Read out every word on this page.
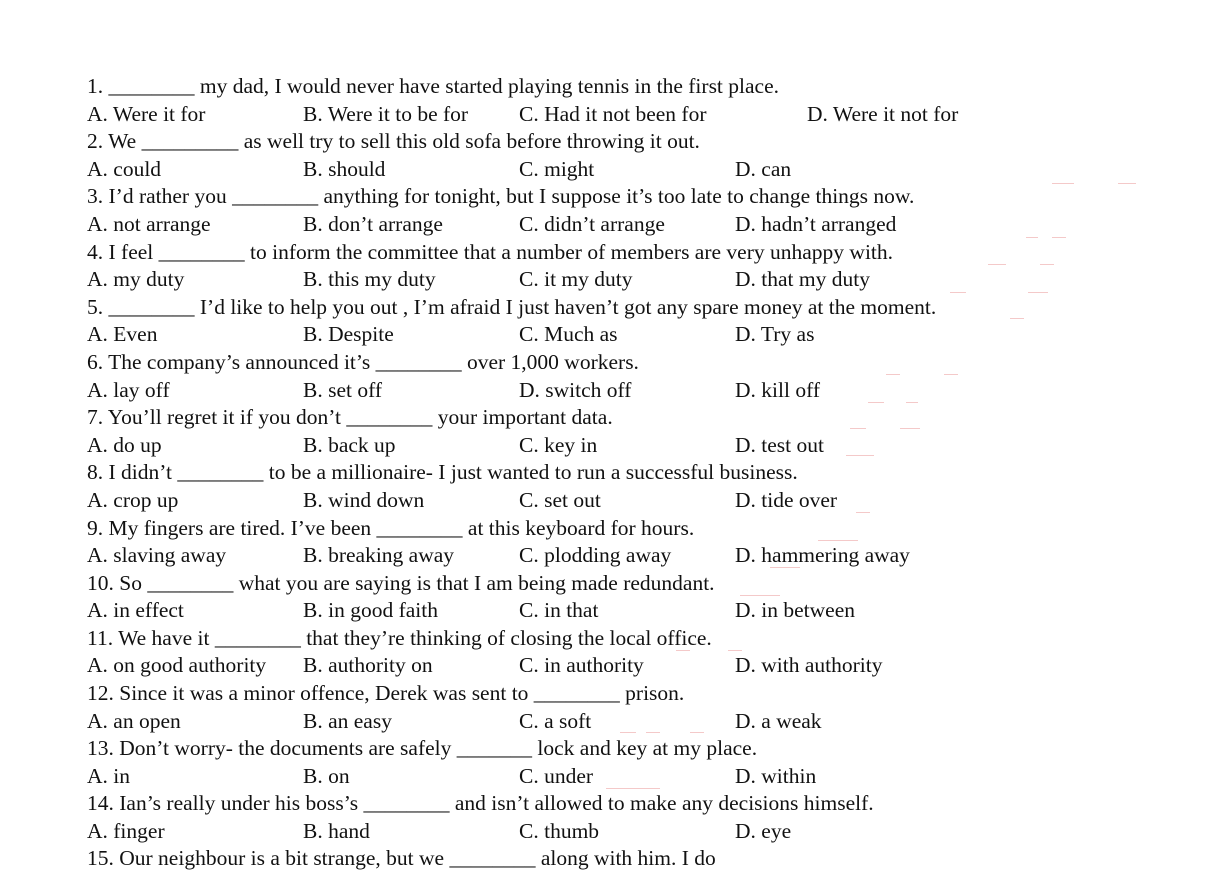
1. ________ my dad, I would never have started playing tennis in the first place.
A. Were it for	B. Were it to be for C. Had it not been for	D. Were it not for
2. We _________ as well try to sell this old sofa before throwing it out.
A. could	B. should	C. might	D. can
3. I’d rather you ________ anything for tonight, but I suppose it’s too late to change things now.
A. not arrange	B. don’t arrange	C. didn’t arrange	D. hadn’t arranged
4. I feel ________ to inform the committee that a number of members are very unhappy with.
A. my duty	B. this my duty	C. it my duty	D. that my duty
5. ________ I’d like to help you out , I’m afraid I just haven’t got any spare money at the moment.
A. Even	B. Despite	C. Much as	D. Try as
6. The company’s announced it’s ________ over 1,000 workers.
A. lay off	B. set off	D. switch off	D. kill off
7. You’ll regret it if you don’t ________ your important data.
A. do up	B. back up	C. key in	D. test out
8. I didn’t ________ to be a millionaire- I just wanted to run a successful business.
A. crop up	B. wind down	C. set out	D. tide over
9. My fingers are tired. I’ve been ________ at this keyboard for hours.
A. slaving away	B. breaking away	C. plodding away	D. hammering away
10. So ________ what you are saying is that I am being made redundant.
A. in effect	B. in good faith	C. in that	D. in between
11. We have it ________ that they’re thinking of closing the local office.
A. on good authority B. authority on	C. in authority	D. with authority
12. Since it was a minor offence, Derek was sent to ________ prison.
A. an open	B. an easy	C. a soft	D. a weak
13. Don’t worry- the documents are safely _______ lock and key at my place.
A. in	B. on	C. under	D. within
14. Ian’s really under his boss’s ________ and isn’t allowed to make any decisions himself.
A. finger	B. hand	C. thumb	D. eye
15. Our neighbour is a bit strange, but we ________ along with him. I do
